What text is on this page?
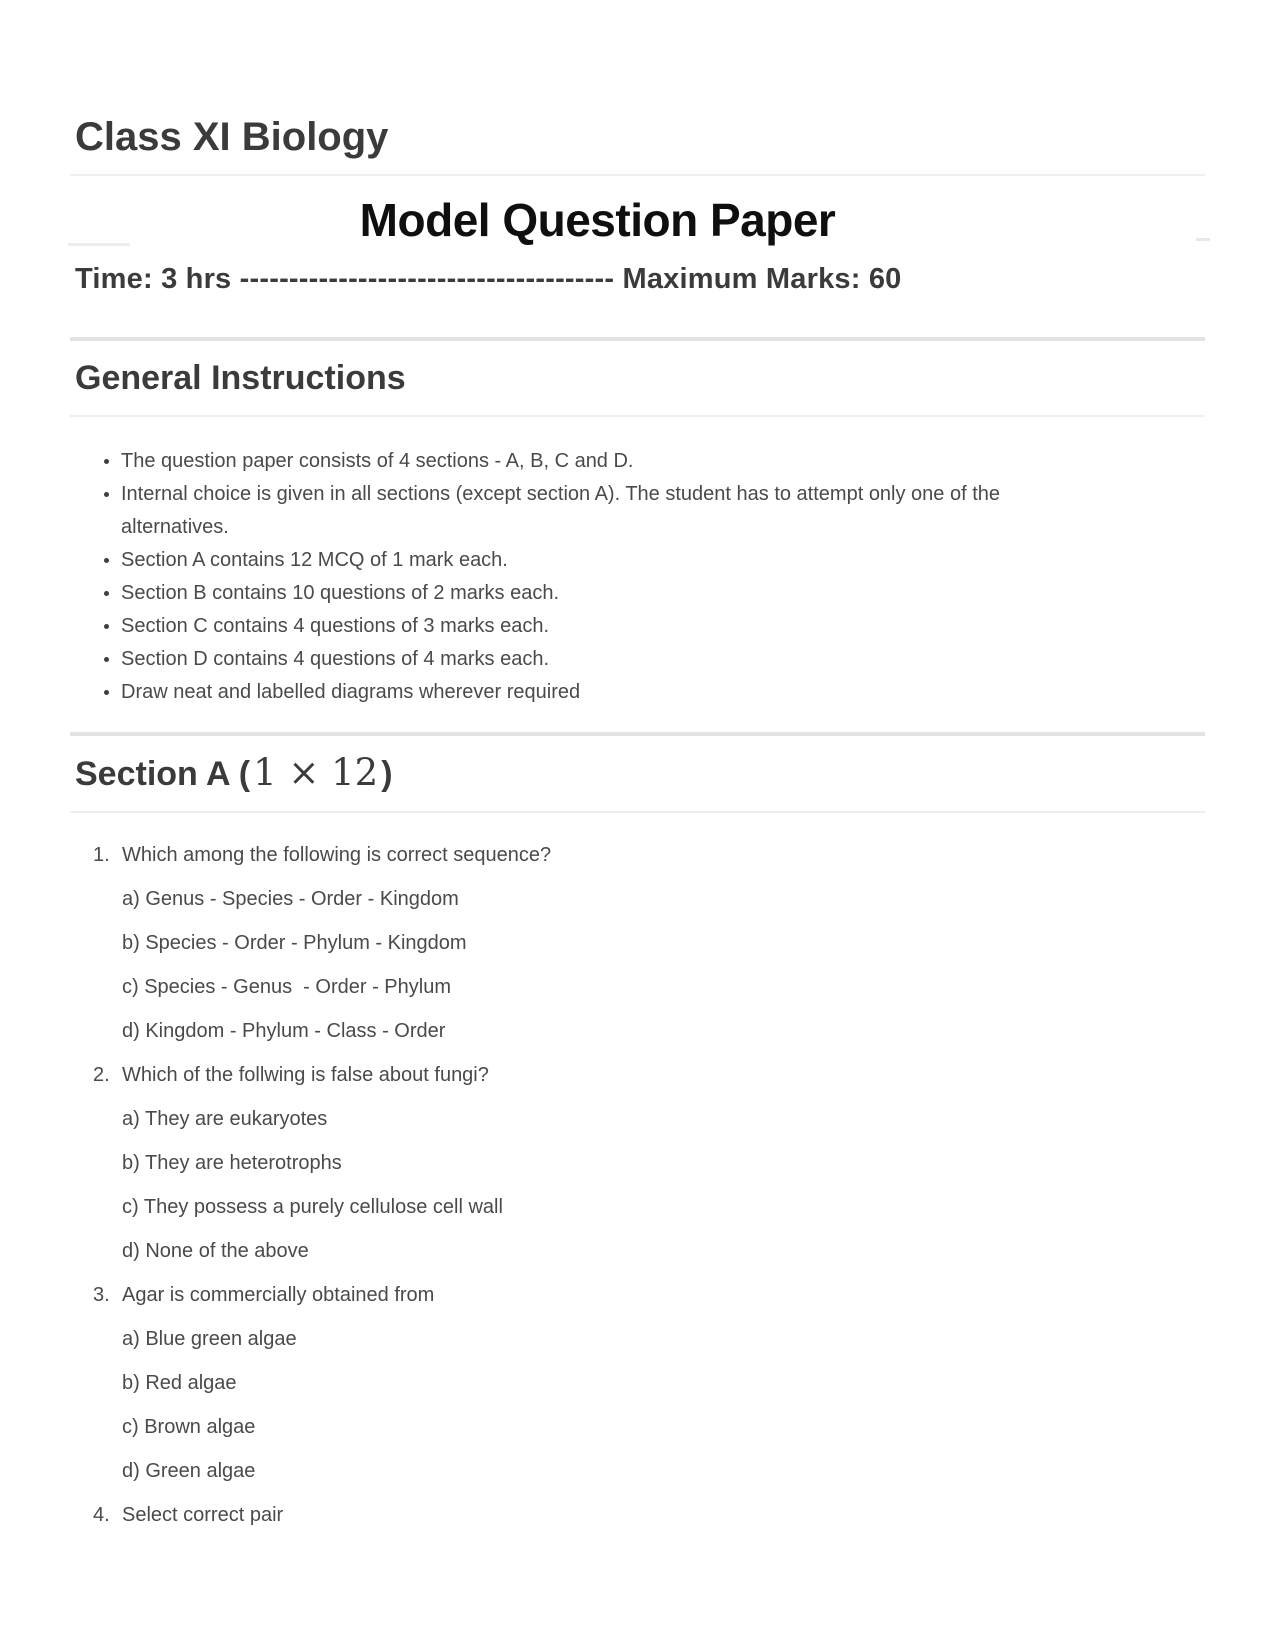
Class XI Biology
Model Question Paper
Time: 3 hrs -------------------------------------- Maximum Marks: 60
General Instructions
• The question paper consists of 4 sections - A, B, C and D.
• Internal choice is given in all sections (except section A). The student has to attempt only one of the alternatives.
• Section A contains 12 MCQ of 1 mark each.
• Section B contains 10 questions of 2 marks each.
• Section C contains 4 questions of 3 marks each.
• Section D contains 4 questions of 4 marks each.
• Draw neat and labelled diagrams wherever required
Section A (1 × 12)
1. Which among the following is correct sequence?

a) Genus - Species - Order - Kingdom

b) Species - Order - Phylum - Kingdom

c) Species - Genus  - Order - Phylum

d) Kingdom - Phylum - Class - Order

2. Which of the follwing is false about fungi?

a) They are eukaryotes

b) They are heterotrophs

c) They possess a purely cellulose cell wall

d) None of the above

3. Agar is commercially obtained from

a) Blue green algae

b) Red algae

c) Brown algae

d) Green algae

4. Select correct pair
